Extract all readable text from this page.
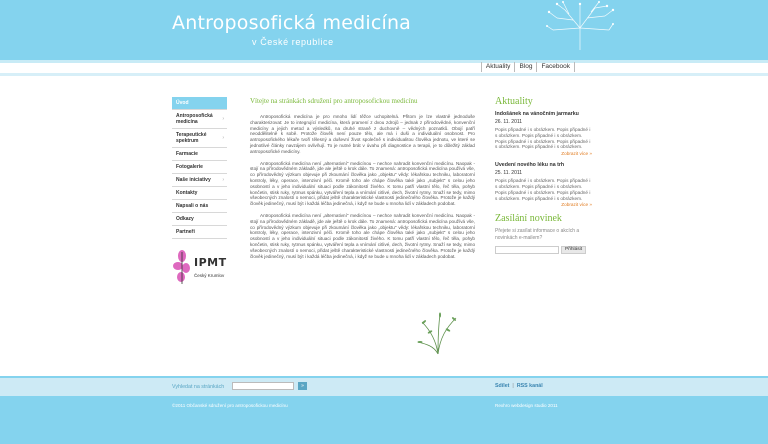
Antroposofická medicína
v České republice
Aktuality	Blog	Facebook
Úvod
Antroposofická medicína	›
Terapeutické spektrum	›
Farmacie
Fotogalerie
Naše iniciativy ›
Kontakty
Napsali o nás
Odkazy
Partneři
IPMT
Český Krumlov
Vítejte na stránkách sdružení pro antroposofickou medicínu

Antroposofická medicína je pro mnoho lidí těžce uchopitelná. Přitom je lze vlastně jednoduše charakterizovat: Je to integrující medicína, která pramení z dvou zdrojů – jednak z přírodovědné, konvenční medicíny a jejich metod a výsledků, na druhé straně z duchovně – vědných poznatků. Obojí patří neoddělitelně k sobě. Protože člověk není pouze tělo, ale má i duši a individuální osobnost. Pro antroposofického lékaře tvoří tělesný a duševní život společně s individualitou člověka jednotu, ve které se jednotlivé články navzájem ovlivňují. To je nutné brát v úvahu při diagnostice a terapii, je to důležitý základ antroposofické medicíny.

Antroposofická medicína není „alternativní" medicínou – nechce nahradit konvenční medicínu. Naopak - stojí na přírodovědném základě, jde ale ještě o krok dále. To znamená: antroposofická medicína používá vše, co přírodovědný výzkum objevuje při zkoumání člověka jako „objektu" vědy: lékařskou techniku, laboratorní kontroly, léky, operace, intenzivní péči. Kromě toho ale chápe člověka také jako „subjekt" s celou jeho osobností a v jeho individuální situaci podle zákonitostí živého. K tomu patří vlastní tělo, řeč těla, pohyb končetin, stisk ruky, rytmus spánku, vytváření tepla a vnímání citlivé, dech, životní rytmy. Snaží se tedy, mimo všeobecných znalostí o nemoci, přidat ještě charakteristické vlastnosti jedinečného člověka. Protože je každý člověk jedinečný, musí být i každá léčba jedinečná, i když se bude u mnoha lidí v základech podobat.

Antroposofická medicína není „alternativní" medicínou – nechce nahradit konvenční medicínu. Naopak - stojí na přírodovědném základě, jde ale ještě o krok dále. To znamená: antroposofická medicína používá vše, co přírodovědný výzkum objevuje při zkoumání člověka jako „objektu" vědy: lékařskou techniku, laboratorní kontroly, léky, operace, intenzivní péči. Kromě toho ale chápe člověka také jako „subjekt" s celou jeho osobností a v jeho individuální situaci podle zákonitostí živého. K tomu patří vlastní tělo, řeč těla, pohyb končetin, stisk ruky, rytmus spánku, vytváření tepla a vnímání citlivé, dech, životní rytmy. Snaží se tedy, mimo všeobecných znalostí o nemoci, přidat ještě charakteristické vlastnosti jedinečného člověka. Protože je každý člověk jedinečný, musí být i každá léčba jedinečná, i když se bude u mnoha lidí v základech podobat.

Aktuality
Indošánek na vánočním jarmarku
26. 11. 2011
Popis připadné i s obrázkem. Popis připadné i s obrázkem. Popis připadné i s obrázkem. Popis připadné i s obrázkem. Popis připadné i s obrázkem. Popis připadné i s obrázkem.
Zobrazit více »
Uvedení nového léku na trh
25. 11. 2011
Popis připadné i s obrázkem. Popis připadné i s obrázkem. Popis připadné i s obrázkem. Popis připadné i s obrázkem. Popis připadné i s obrázkem. Popis připadné i s obrázkem.
Zobrazit více »
Zasílání novinek
Přejete si zasílat informace o akcích a novinkách e-mailem?
Přihlásit
Vyhledat na stránkách	»	Sdílet | RSS kanál
©2011 Občanské sdružení pro antroposofickou medicínu	Rexhro webdesign studio 2011
